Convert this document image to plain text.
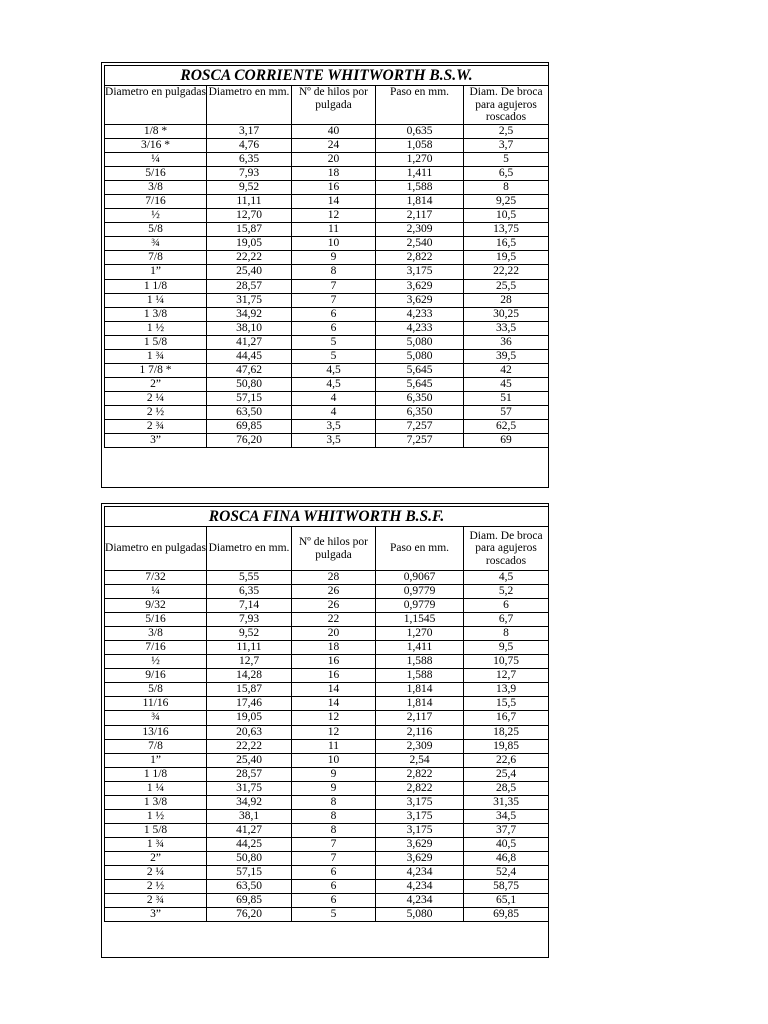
ROSCA CORRIENTE WHITWORTH B.S.W.				
Diametro en pulgadas	Diametro en mm.	Nº de hilos por pulgada	Paso en mm.	Diam. De broca para agujeros roscados
1/8 *	3,17	40	0,635	2,5
3/16 *	4,76	24	1,058	3,7
¼	6,35	20	1,270	5
5/16	7,93	18	1,411	6,5
3/8	9,52	16	1,588	8
7/16	11,11	14	1,814	9,25
½	12,70	12	2,117	10,5
5/8	15,87	11	2,309	13,75
¾	19,05	10	2,540	16,5
7/8	22,22	9	2,822	19,5
1”	25,40	8	3,175	22,22
1 1/8	28,57	7	3,629	25,5
1 ¼	31,75	7	3,629	28
1 3/8	34,92	6	4,233	30,25
1 ½	38,10	6	4,233	33,5
1 5/8	41,27	5	5,080	36
1 ¾	44,45	5	5,080	39,5
1 7/8 *	47,62	4,5	5,645	42
2”	50,80	4,5	5,645	45
2 ¼	57,15	4	6,350	51
2 ½	63,50	4	6,350	57
2 ¾	69,85	3,5	7,257	62,5
3”	76,20	3,5	7,257	69
ROSCA FINA WHITWORTH B.S.F.				
Diametro en pulgadas	Diametro en mm.	Nº de hilos por pulgada	Paso en mm.	Diam. De broca para agujeros roscados
7/32	5,55	28	0,9067	4,5
¼	6,35	26	0,9779	5,2
9/32	7,14	26	0,9779	6
5/16	7,93	22	1,1545	6,7
3/8	9,52	20	1,270	8
7/16	11,11	18	1,411	9,5
½	12,7	16	1,588	10,75
9/16	14,28	16	1,588	12,7
5/8	15,87	14	1,814	13,9
11/16	17,46	14	1,814	15,5
¾	19,05	12	2,117	16,7
13/16	20,63	12	2,116	18,25
7/8	22,22	11	2,309	19,85
1”	25,40	10	2,54	22,6
1 1/8	28,57	9	2,822	25,4
1 ¼	31,75	9	2,822	28,5
1 3/8	34,92	8	3,175	31,35
1 ½	38,1	8	3,175	34,5
1 5/8	41,27	8	3,175	37,7
1 ¾	44,25	7	3,629	40,5
2”	50,80	7	3,629	46,8
2 ¼	57,15	6	4,234	52,4
2 ½	63,50	6	4,234	58,75
2 ¾	69,85	6	4,234	65,1
3”	76,20	5	5,080	69,85
